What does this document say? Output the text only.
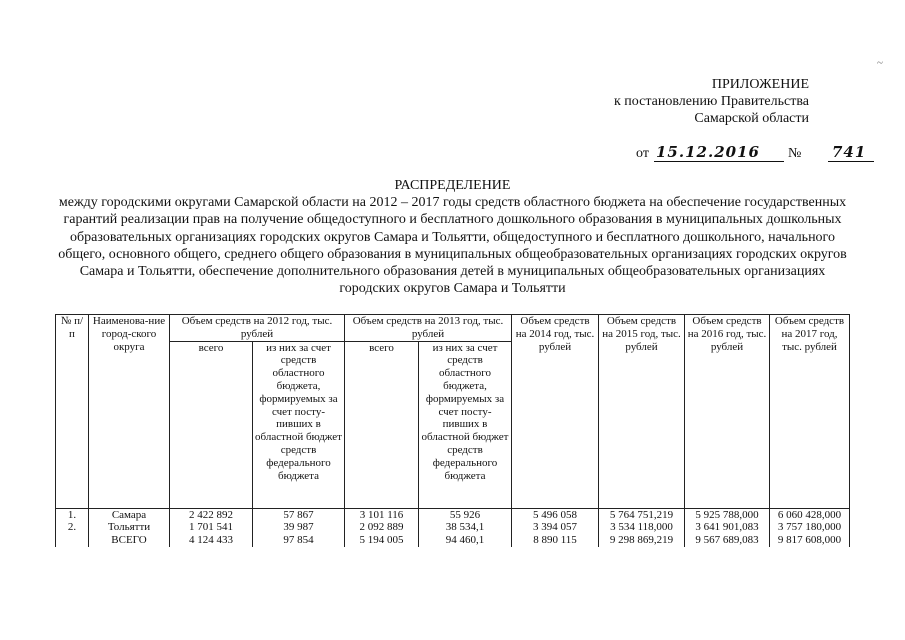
~
ПРИЛОЖЕНИЕ
к постановлению Правительства
Самарской области
от 15.12.2016 № 741
РАСПРЕДЕЛЕНИЕ
между городскими округами Самарской области на 2012 – 2017 годы средств областного бюджета на обеспечение государственных гарантий реализации прав на получение общедоступного и бесплатного дошкольного образования в муниципальных дошкольных образовательных организациях городских округов Самара и Тольятти, общедоступного и бесплатного дошкольного, начального общего, основного общего, среднего общего образования в муниципальных общеобразовательных организациях городских округов Самара и Тольятти, обеспечение дополнительного образования детей в муниципальных общеобразовательных организациях городских округов Самара и Тольятти
№ п/п	Наименова-ние город-ского округа	Объем средств на 2012 год, тыс. рублей		Объем средств на 2013 год, тыс. рублей		Объем средств на 2014 год, тыс. рублей	Объем средств на 2015 год, тыс. рублей	Объем средств на 2016 год, тыс. рублей	Объем средств на 2017 год, тыс. рублей
		всего	из них за счет средств областного бюджета, формируемых за счет посту-пивших в областной бюджет средств федерального бюджета	всего	из них за счет средств областного бюджета, формируемых за счет посту-пивших в областной бюджет средств федерального бюджета				
1.	Самара	2 422 892	57 867	3 101 116	55 926	5 496 058	5 764 751,219	5 925 788,000	6 060 428,000
2.	Тольятти	1 701 541	39 987	2 092 889	38 534,1	3 394 057	3 534 118,000	3 641 901,083	3 757 180,000
	ВСЕГО	4 124 433	97 854	5 194 005	94 460,1	8 890 115	9 298 869,219	9 567 689,083	9 817 608,000
